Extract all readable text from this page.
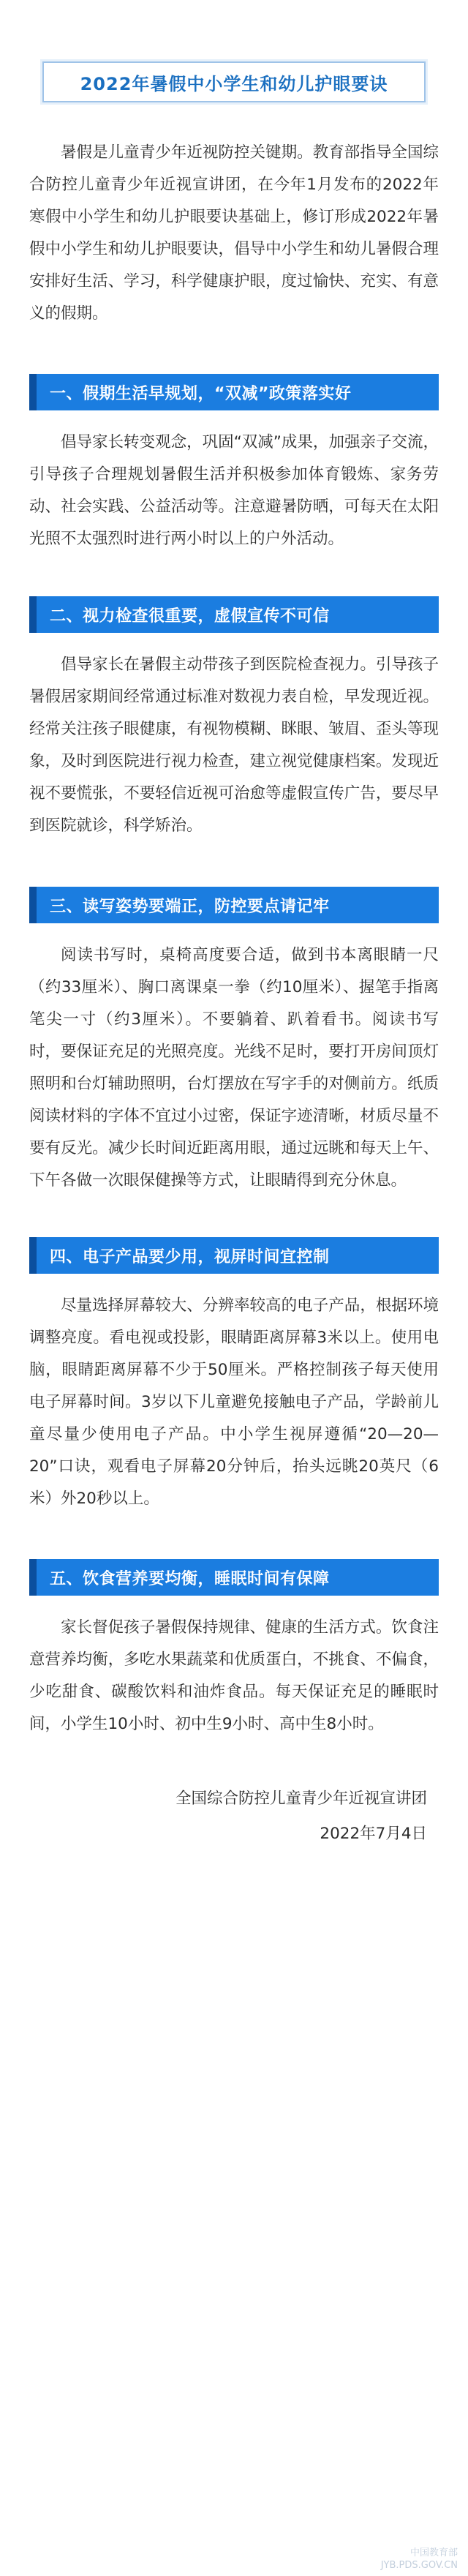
2022年暑假中小学生和幼儿护眼要诀

暑假是儿童青少年近视防控关键期。教育部指导全国综合防控儿童青少年近视宣讲团，在今年1月发布的2022年寒假中小学生和幼儿护眼要诀基础上，修订形成2022年暑假中小学生和幼儿护眼要诀，倡导中小学生和幼儿暑假合理安排好生活、学习，科学健康护眼，度过愉快、充实、有意义的假期。

一、假期生活早规划，“双减”政策落实好

倡导家长转变观念，巩固“双减”成果，加强亲子交流，引导孩子合理规划暑假生活并积极参加体育锻炼、家务劳动、社会实践、公益活动等。注意避暑防晒，可每天在太阳光照不太强烈时进行两小时以上的户外活动。

二、视力检查很重要，虚假宣传不可信

倡导家长在暑假主动带孩子到医院检查视力。引导孩子暑假居家期间经常通过标准对数视力表自检，早发现近视。经常关注孩子眼健康，有视物模糊、眯眼、皱眉、歪头等现象，及时到医院进行视力检查，建立视觉健康档案。发现近视不要慌张，不要轻信近视可治愈等虚假宣传广告，要尽早到医院就诊，科学矫治。

三、读写姿势要端正，防控要点请记牢

阅读书写时，桌椅高度要合适，做到书本离眼睛一尺（约33厘米）、胸口离课桌一拳（约10厘米）、握笔手指离笔尖一寸（约3厘米）。不要躺着、趴着看书。阅读书写时，要保证充足的光照亮度。光线不足时，要打开房间顶灯照明和台灯辅助照明，台灯摆放在写字手的对侧前方。纸质阅读材料的字体不宜过小过密，保证字迹清晰，材质尽量不要有反光。减少长时间近距离用眼，通过远眺和每天上午、下午各做一次眼保健操等方式，让眼睛得到充分休息。

四、电子产品要少用，视屏时间宜控制

尽量选择屏幕较大、分辨率较高的电子产品，根据环境调整亮度。看电视或投影，眼睛距离屏幕3米以上。使用电脑，眼睛距离屏幕不少于50厘米。严格控制孩子每天使用电子屏幕时间。3岁以下儿童避免接触电子产品，学龄前儿童尽量少使用电子产品。中小学生视屏遵循“20—20—20”口诀，观看电子屏幕20分钟后，抬头远眺20英尺（6米）外20秒以上。

五、饮食营养要均衡，睡眠时间有保障

家长督促孩子暑假保持规律、健康的生活方式。饮食注意营养均衡，多吃水果蔬菜和优质蛋白，不挑食、不偏食，少吃甜食、碳酸饮料和油炸食品。每天保证充足的睡眠时间，小学生10小时、初中生9小时、高中生8小时。

全国综合防控儿童青少年近视宣讲团
2022年7月4日
中国教育部
JYB.PDS.GOV.CN
